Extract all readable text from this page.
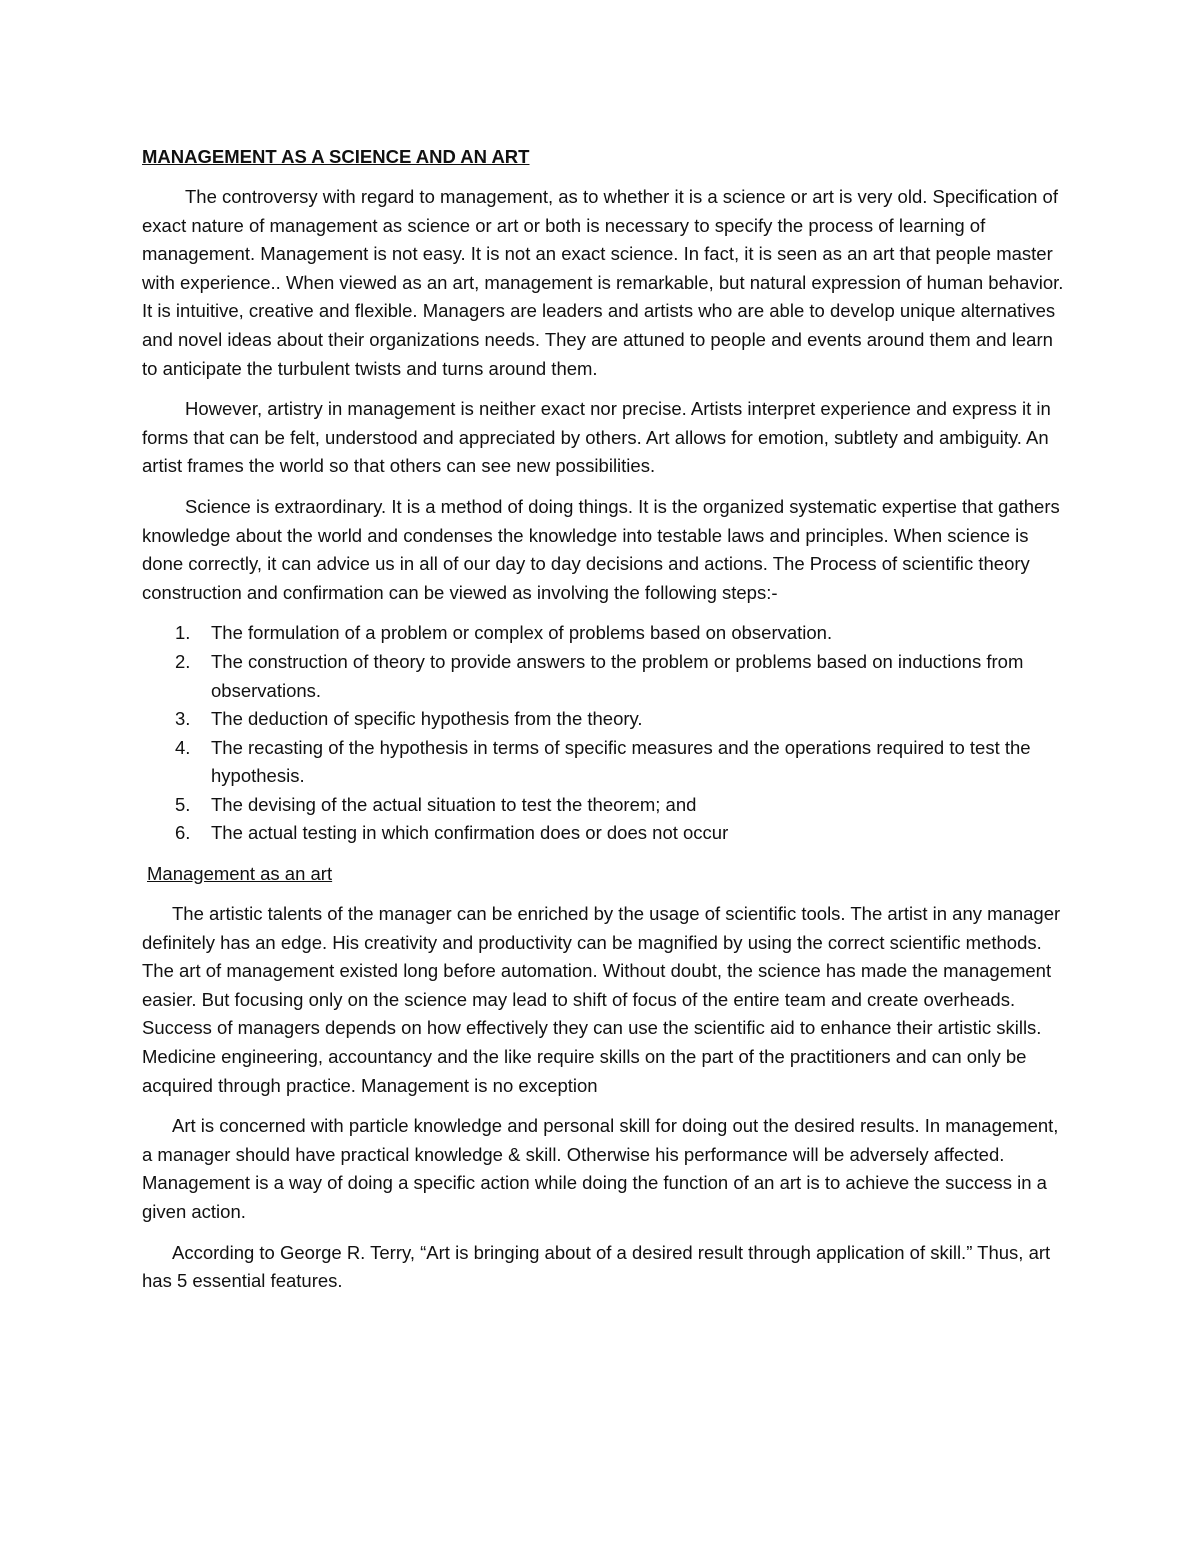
MANAGEMENT AS A SCIENCE AND AN ART

The controversy with regard to management, as to whether it is a science or art is very old. Specification of exact nature of management as science or art or both is necessary to specify the process of learning of management. Management is not easy. It is not an exact science. In fact, it is seen as an art that people master with experience.. When viewed as an art, management is remarkable, but natural expression of human behavior. It is intuitive, creative and flexible. Managers are leaders and artists who are able to develop unique alternatives and novel ideas about their organizations needs. They are attuned to people and events around them and learn to anticipate the turbulent twists and turns around them.

However, artistry in management is neither exact nor precise. Artists interpret experience and express it in forms that can be felt, understood and appreciated by others. Art allows for emotion, subtlety and ambiguity. An artist frames the world so that others can see new possibilities.

Science is extraordinary. It is a method of doing things. It is the organized systematic expertise that gathers knowledge about the world and condenses the knowledge into testable laws and principles. When science is done correctly, it can advice us in all of our day to day decisions and actions. The Process of scientific theory construction and confirmation can be viewed as involving the following steps:-

1. The formulation of a problem or complex of problems based on observation.
2. The construction of theory to provide answers to the problem or problems based on inductions from observations.
3. The deduction of specific hypothesis from the theory.
4. The recasting of the hypothesis in terms of specific measures and the operations required to test the hypothesis.
5. The devising of the actual situation to test the theorem; and
6. The actual testing in which confirmation does or does not occur
Management as an art

The artistic talents of the manager can be enriched by the usage of scientific tools. The artist in any manager definitely has an edge. His creativity and productivity can be magnified by using the correct scientific methods. The art of management existed long before automation. Without doubt, the science has made the management easier. But focusing only on the science may lead to shift of focus of the entire team and create overheads. Success of managers depends on how effectively they can use the scientific aid to enhance their artistic skills. Medicine engineering, accountancy and the like require skills on the part of the practitioners and can only be acquired through practice. Management is no exception

Art is concerned with particle knowledge and personal skill for doing out the desired results. In management, a manager should have practical knowledge & skill. Otherwise his performance will be adversely affected. Management is a way of doing a specific action while doing the function of an art is to achieve the success in a given action.

According to George R. Terry, “Art is bringing about of a desired result through application of skill.” Thus, art has 5 essential features.
